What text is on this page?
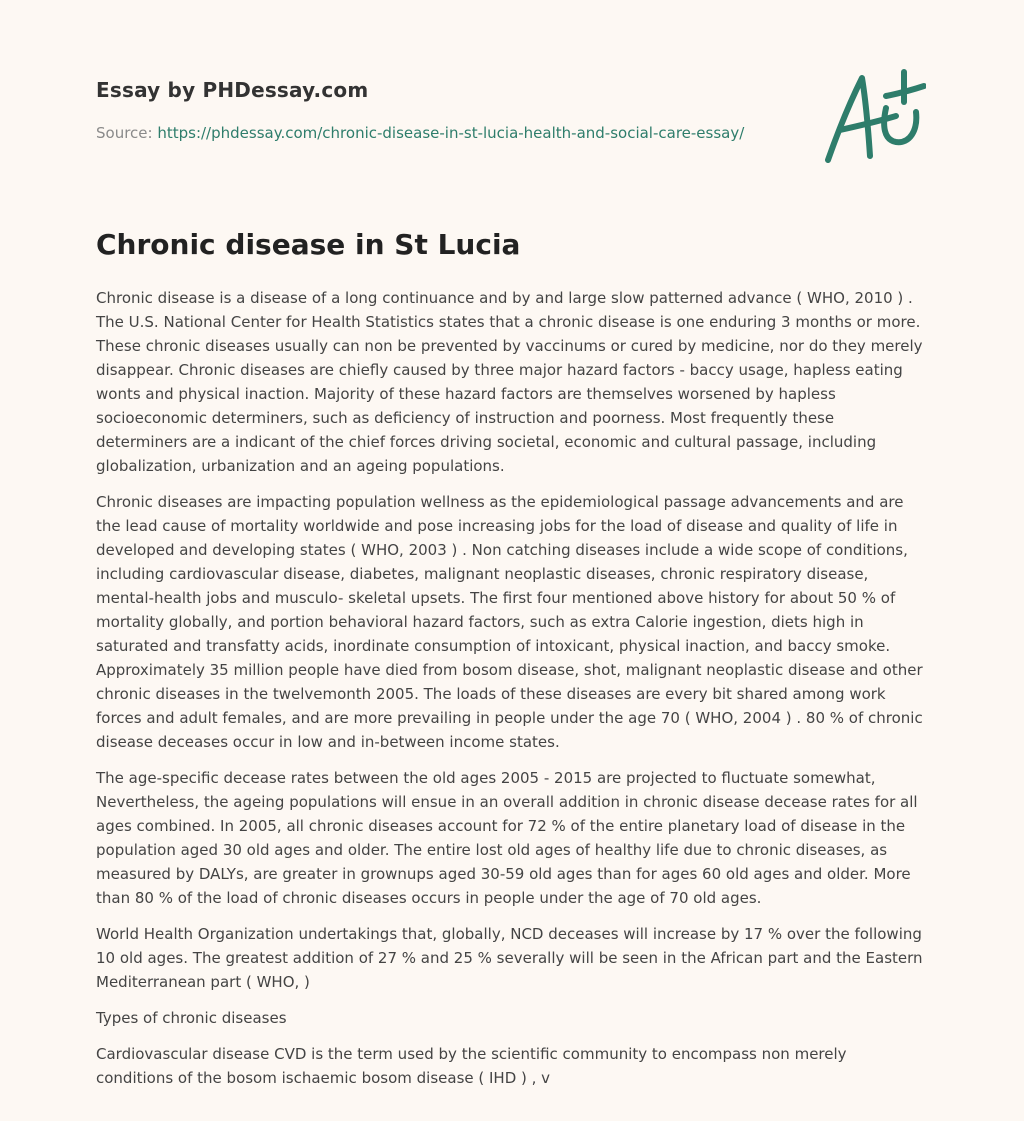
Essay by PHDessay.com
Source: https://phdessay.com/chronic-disease-in-st-lucia-health-and-social-care-essay/
Chronic disease in St Lucia

Chronic disease is a disease of a long continuance and by and large slow patterned advance ( WHO, 2010 ) . The U.S. National Center for Health Statistics states that a chronic disease is one enduring 3 months or more. These chronic diseases usually can non be prevented by vaccinums or cured by medicine, nor do they merely disappear. Chronic diseases are chiefly caused by three major hazard factors - baccy usage, hapless eating wonts and physical inaction. Majority of these hazard factors are themselves worsened by hapless socioeconomic determiners, such as deficiency of instruction and poorness. Most frequently these determiners are a indicant of the chief forces driving societal, economic and cultural passage, including globalization, urbanization and an ageing populations.

Chronic diseases are impacting population wellness as the epidemiological passage advancements and are the lead cause of mortality worldwide and pose increasing jobs for the load of disease and quality of life in developed and developing states ( WHO, 2003 ) . Non catching diseases include a wide scope of conditions, including cardiovascular disease, diabetes, malignant neoplastic diseases, chronic respiratory disease, mental-health jobs and musculo- skeletal upsets. The first four mentioned above history for about 50 % of mortality globally, and portion behavioral hazard factors, such as extra Calorie ingestion, diets high in saturated and transfatty acids, inordinate consumption of intoxicant, physical inaction, and baccy smoke. Approximately 35 million people have died from bosom disease, shot, malignant neoplastic disease and other chronic diseases in the twelvemonth 2005. The loads of these diseases are every bit shared among work forces and adult females, and are more prevailing in people under the age 70 ( WHO, 2004 ) . 80 % of chronic disease deceases occur in low and in-between income states.

The age-specific decease rates between the old ages 2005 - 2015 are projected to fluctuate somewhat, Nevertheless, the ageing populations will ensue in an overall addition in chronic disease decease rates for all ages combined. In 2005, all chronic diseases account for 72 % of the entire planetary load of disease in the population aged 30 old ages and older. The entire lost old ages of healthy life due to chronic diseases, as measured by DALYs, are greater in grownups aged 30-59 old ages than for ages 60 old ages and older. More than 80 % of the load of chronic diseases occurs in people under the age of 70 old ages.

World Health Organization undertakings that, globally, NCD deceases will increase by 17 % over the following 10 old ages. The greatest addition of 27 % and 25 % severally will be seen in the African part and the Eastern Mediterranean part ( WHO, )

Types of chronic diseases

Cardiovascular disease CVD is the term used by the scientific community to encompass non merely conditions of the bosom ischaemic bosom disease ( IHD ) , v
